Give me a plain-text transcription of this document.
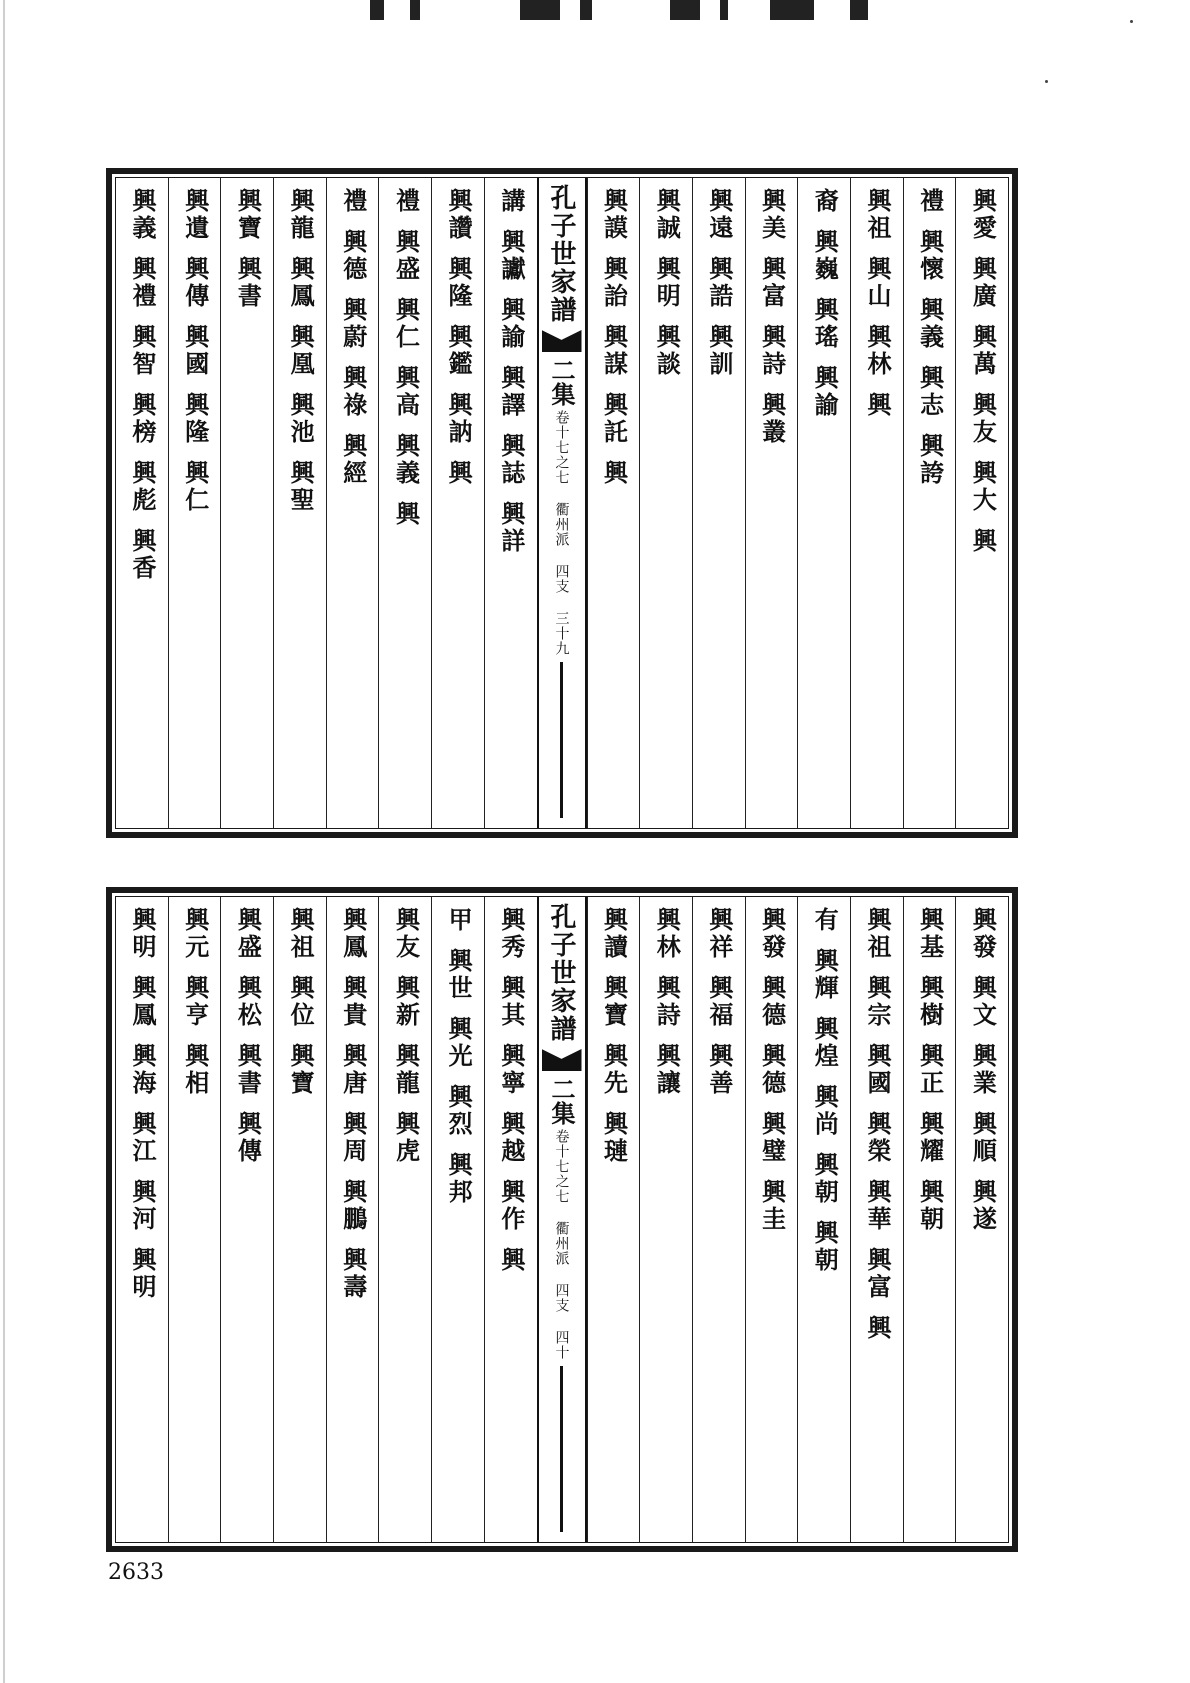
興愛
興廣
興萬
興友
興大
興
禮
興懷
興義
興志
興誇
興祖
興山
興林
興
裔
興巍
興瑤
興諭
興美
興富
興詩
興叢
興遠
興誥
興訓
興誠
興明
興談
興謨
興詒
興謀
興託
興
孔子世家譜
二集
卷十七之七 衢州派 四支 三十九
講
興讞
興諭
興譯
興誌
興詳
興讚
興隆
興鑑
興訥
興
禮
興盛
興仁
興高
興義
興
禮
興德
興蔚
興祿
興經
興龍
興鳳
興凰
興池
興聖
興寶
興書
興遺
興傳
興國
興隆
興仁
興義
興禮
興智
興榜
興彪
興香
興發
興文
興業
興順
興遂
興基
興樹
興正
興耀
興朝
興祖
興宗
興國
興榮
興華
興富
興
有
興輝
興煌
興尚
興朝
興朝
興發
興德
興德
興璧
興圭
興祥
興福
興善
興林
興詩
興讓
興讀
興寶
興先
興璉
孔子世家譜
二集
卷十七之七 衢州派 四支 四十
興秀
興其
興寧
興越
興作
興
甲
興世
興光
興烈
興邦
興友
興新
興龍
興虎
興鳳
興貴
興唐
興周
興鵬
興壽
興祖
興位
興寶
興盛
興松
興書
興傳
興元
興亨
興相
興明
興鳳
興海
興江
興河
興明
2633
